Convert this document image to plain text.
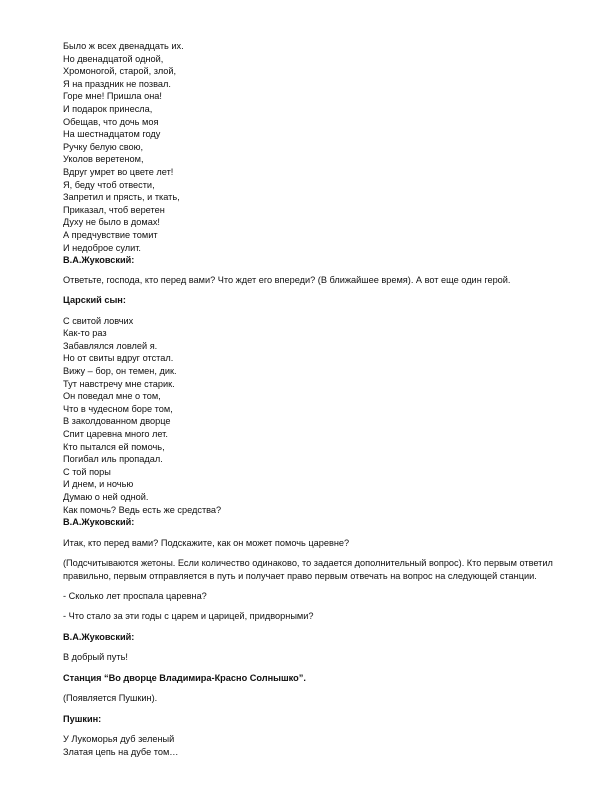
Было ж всех двенадцать их.
Но двенадцатой одной,
Хромоногой, старой, злой,
Я на праздник не позвал.
Горе мне! Пришла она!
И подарок принесла,
Обещав, что дочь моя
На шестнадцатом году
Ручку белую свою,
Уколов веретеном,
Вдруг умрет во цвете лет!
Я, беду чтоб отвести,
Запретил и прясть, и ткать,
Приказал, чтоб веретен
Духу не было в домах!
А предчувствие томит
И недоброе сулит.
В.А.Жуковский:

Ответьте, господа, кто перед вами? Что ждет его впереди? (В ближайшее время). А вот еще один герой.

Царский сын:
С свитой ловчих
Как-то раз
Забавлялся ловлей я.
Но от свиты вдруг отстал.
Вижу – бор, он темен, дик.
Тут навстречу мне старик.
Он поведал мне о том,
Что в чудесном боре том,
В заколдованном дворце
Спит царевна много лет.
Кто пытался ей помочь,
Погибал иль пропадал.
С той поры
И днем, и ночью
Думаю о ней одной.
Как помочь? Ведь есть же средства?
В.А.Жуковский:

Итак, кто перед вами? Подскажите, как он может помочь царевне?

(Подсчитываются жетоны. Если количество одинаково, то задается дополнительный вопрос). Кто первым ответил правильно, первым отправляется в путь и получает право первым отвечать на вопрос на следующей станции.

- Сколько лет проспала царевна?

- Что стало за эти годы с царем и царицей, придворными?

В.А.Жуковский:

В добрый путь!

Станция “Во дворце Владимира-Красно Солнышко”.

(Появляется Пушкин).

Пушкин:
У Лукоморья дуб зеленый
Златая цепь на дубе том…
